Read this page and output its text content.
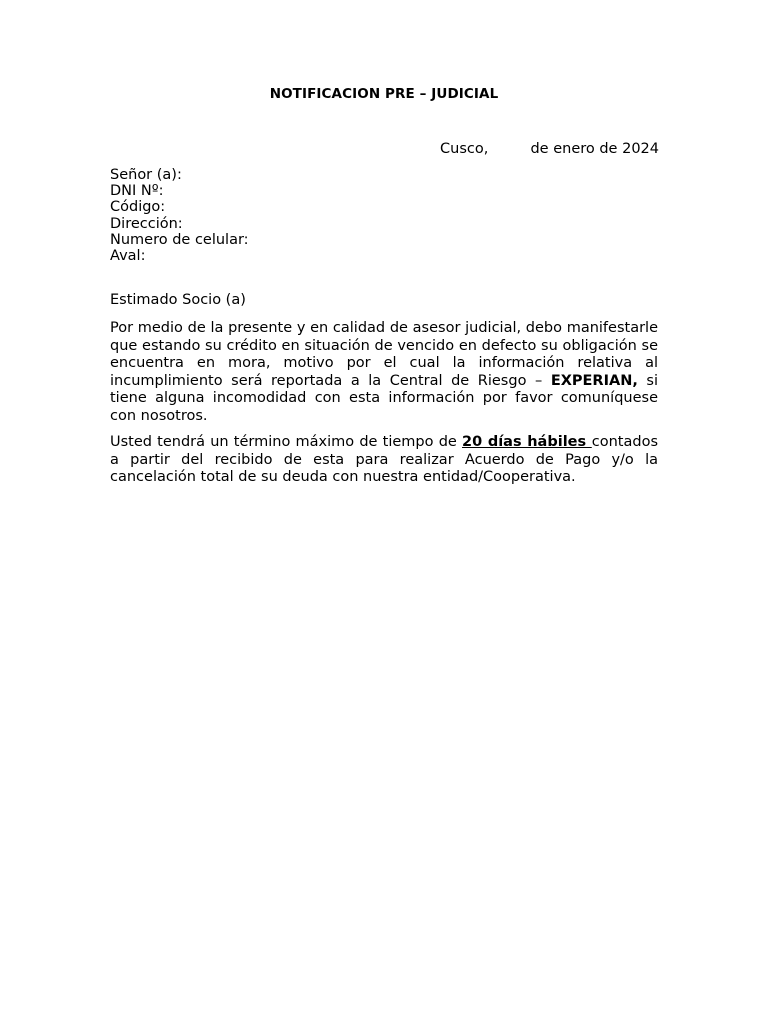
NOTIFICACION PRE – JUDICIAL
Cusco,	de enero de 2024
Señor (a):
DNI Nº:
Código:
Dirección:
Numero de celular:
Aval:
Estimado Socio (a)
Por medio de la presente y en calidad de asesor judicial, debo manifestarle que estando su crédito en situación de vencido en defecto su obligación se encuentra en mora, motivo por el cual la información relativa al incumplimiento será reportada a la Central de Riesgo – EXPERIAN, si tiene alguna incomodidad con esta información por favor comuníquese con nosotros.
Usted tendrá un término máximo de tiempo de 20 días hábiles contados a partir del recibido de esta para realizar Acuerdo de Pago y/o la cancelación total de su deuda con nuestra entidad/Cooperativa.
